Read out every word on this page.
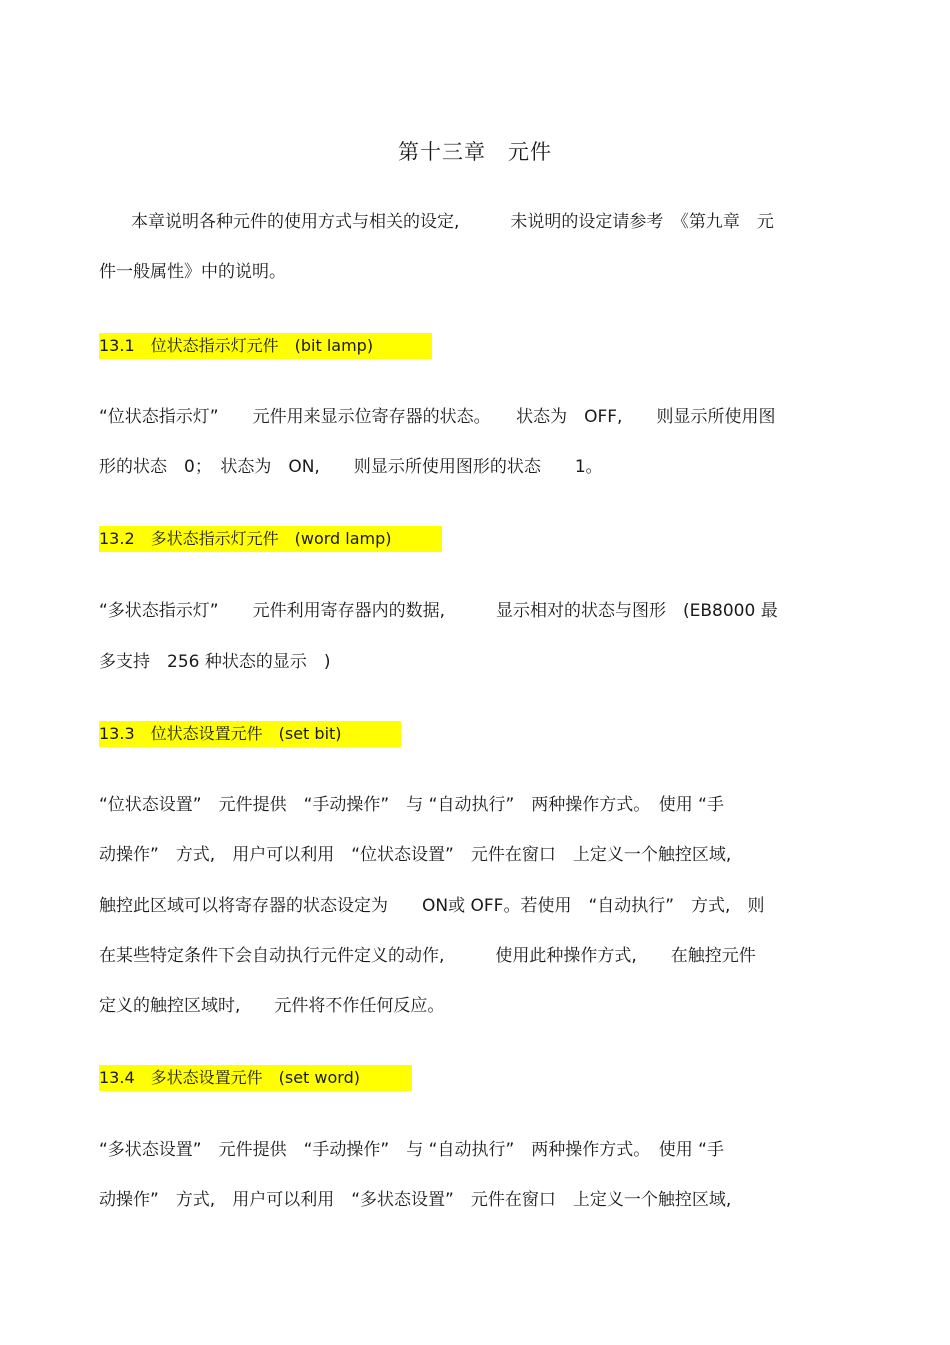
第十三章　元件
本章说明各种元件的使用方式与相关的设定,　　　未说明的设定请参考　《第九章　元
件一般属性》中的说明。
13.1　位状态指示灯元件　(bit lamp)
“位状态指示灯”　　元件用来显示位寄存器的状态。　　状态为　OFF,　　则显示所使用图
形的状态　0；　状态为　ON,　　则显示所使用图形的状态　　1。
13.2　多状态指示灯元件　(word lamp)
“多状态指示灯”　　元件利用寄存器内的数据,　　　显示相对的状态与图形　(EB8000 最
多支持　256 种状态的显示　)
13.3　位状态设置元件　(set bit)
“位状态设置”　元件提供　“手动操作”　与 “自动执行”　两种操作方式。　使用 “手
动操作”　方式,　用户可以利用　“位状态设置”　元件在窗口　上定义一个触控区域,
触控此区域可以将寄存器的状态设定为　　ON或 OFF。若使用　“自动执行”　方式,　则
在某些特定条件下会自动执行元件定义的动作,　　　使用此种操作方式,　　在触控元件
定义的触控区域时,　　元件将不作任何反应。
13.4　多状态设置元件　(set word)
“多状态设置”　元件提供　“手动操作”　与 “自动执行”　两种操作方式。　使用 “手
动操作”　方式,　用户可以利用　“多状态设置”　元件在窗口　上定义一个触控区域,
